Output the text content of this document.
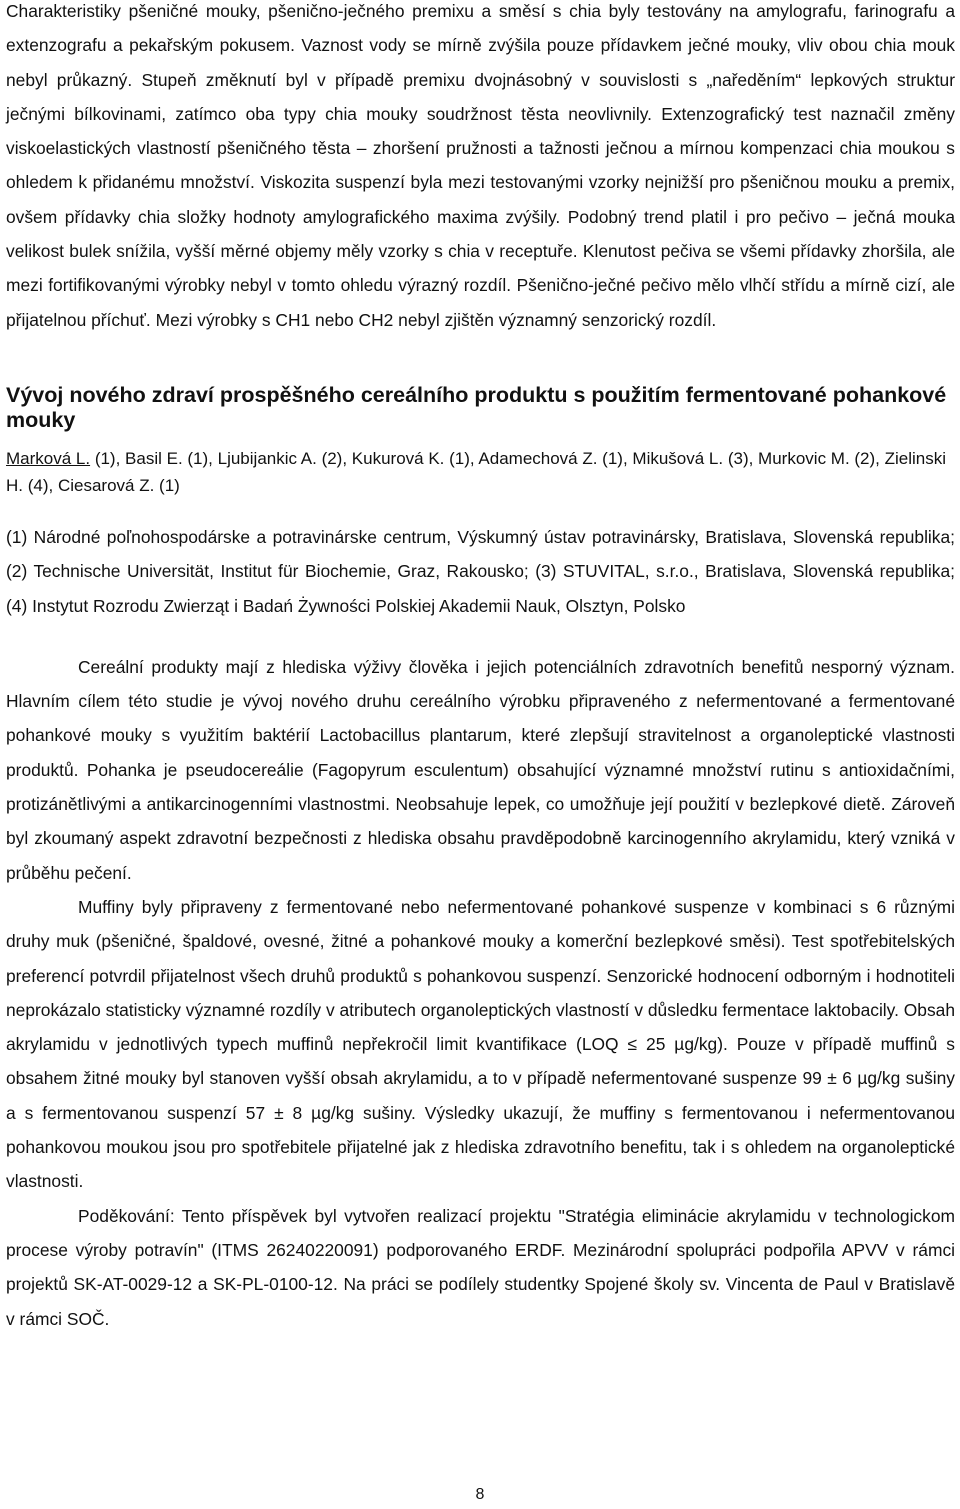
Charakteristiky pšeničné mouky, pšenično-ječného premixu a směsí s chia byly testovány na amylografu, farinografu a extenzografu a pekařským pokusem. Vaznost vody se mírně zvýšila pouze přídavkem ječné mouky, vliv obou chia mouk nebyl průkazný. Stupeň změknutí byl v případě premixu dvojnásobný v souvislosti s „naředěním“ lepkových struktur ječnými bílkovinami, zatímco oba typy chia mouky soudržnost těsta neovlivnily. Extenzografický test naznačil změny viskoelastických vlastností pšeničného těsta – zhoršení pružnosti a tažnosti ječnou a mírnou kompenzaci chia moukou s ohledem k přidanému množství. Viskozita suspenzí byla mezi testovanými vzorky nejnižší pro pšeničnou mouku a premix, ovšem přídavky chia složky hodnoty amylografického maxima zvýšily. Podobný trend platil i pro pečivo – ječná mouka velikost bulek snížila, vyšší měrné objemy měly vzorky s chia v receptuře. Klenutost pečiva se všemi přídavky zhoršila, ale mezi fortifikovanými výrobky nebyl v tomto ohledu výrazný rozdíl. Pšenično-ječné pečivo mělo vlhčí střídu a mírně cizí, ale přijatelnou příchuť. Mezi výrobky s CH1 nebo CH2 nebyl zjištěn významný senzorický rozdíl.

Vývoj nového zdraví prospěšného cereálního produktu s použitím fermentované pohankové mouky

Marková L. (1), Basil E. (1), Ljubijankic A. (2), Kukurová K. (1), Adamechová Z. (1), Mikušová L. (3), Murkovic M. (2), Zielinski H. (4), Ciesarová Z. (1)

(1) Národné poľnohospodárske a potravinárske centrum, Výskumný ústav potravinársky, Bratislava, Slovenská republika; (2) Technische Universität, Institut für Biochemie, Graz, Rakousko; (3) STUVITAL, s.r.o., Bratislava, Slovenská republika; (4) Instytut Rozrodu Zwierząt i Badań Żywności Polskiej Akademii Nauk, Olsztyn, Polsko

Cereální produkty mají z hlediska výživy člověka i jejich potenciálních zdravotních benefitů nesporný význam. Hlavním cílem této studie je vývoj nového druhu cereálního výrobku připraveného z nefermentované a fermentované pohankové mouky s využitím baktérií Lactobacillus plantarum, které zlepšují stravitelnost a organoleptické vlastnosti produktů. Pohanka je pseudocereálie (Fagopyrum esculentum) obsahující významné množství rutinu s antioxidačními, protizánětlivými a antikarcinogenními vlastnostmi. Neobsahuje lepek, co umožňuje její použití v bezlepkové dietě. Zároveň byl zkoumaný aspekt zdravotní bezpečnosti z hlediska obsahu pravděpodobně karcinogenního akrylamidu, který vzniká v průběhu pečení.

Muffiny byly připraveny z fermentované nebo nefermentované pohankové suspenze v kombinaci s 6 různými druhy muk (pšeničné, špaldové, ovesné, žitné a pohankové mouky a komerční bezlepkové směsi). Test spotřebitelských preferencí potvrdil přijatelnost všech druhů produktů s pohankovou suspenzí. Senzorické hodnocení odborným i hodnotiteli neprokázalo statisticky významné rozdíly v atributech organoleptických vlastností v důsledku fermentace laktobacily. Obsah akrylamidu v jednotlivých typech muffinů nepřekročil limit kvantifikace (LOQ ≤ 25 µg/kg). Pouze v případě muffinů s obsahem žitné mouky byl stanoven vyšší obsah akrylamidu, a to v případě nefermentované suspenze 99 ± 6 µg/kg sušiny a s fermentovanou suspenzí 57 ± 8 µg/kg sušiny. Výsledky ukazují, že muffiny s fermentovanou i nefermentovanou pohankovou moukou jsou pro spotřebitele přijatelné jak z hlediska zdravotního benefitu, tak i s ohledem na organoleptické vlastnosti.

Poděkování: Tento příspěvek byl vytvořen realizací projektu "Stratégia eliminácie akrylamidu v technologickom procese výroby potravín" (ITMS 26240220091) podporovaného ERDF. Mezinárodní spolupráci podpořila APVV v rámci projektů SK-AT-0029-12 a SK-PL-0100-12. Na práci se podílely studentky Spojené školy sv. Vincenta de Paul v Bratislavě v rámci SOČ.

8
